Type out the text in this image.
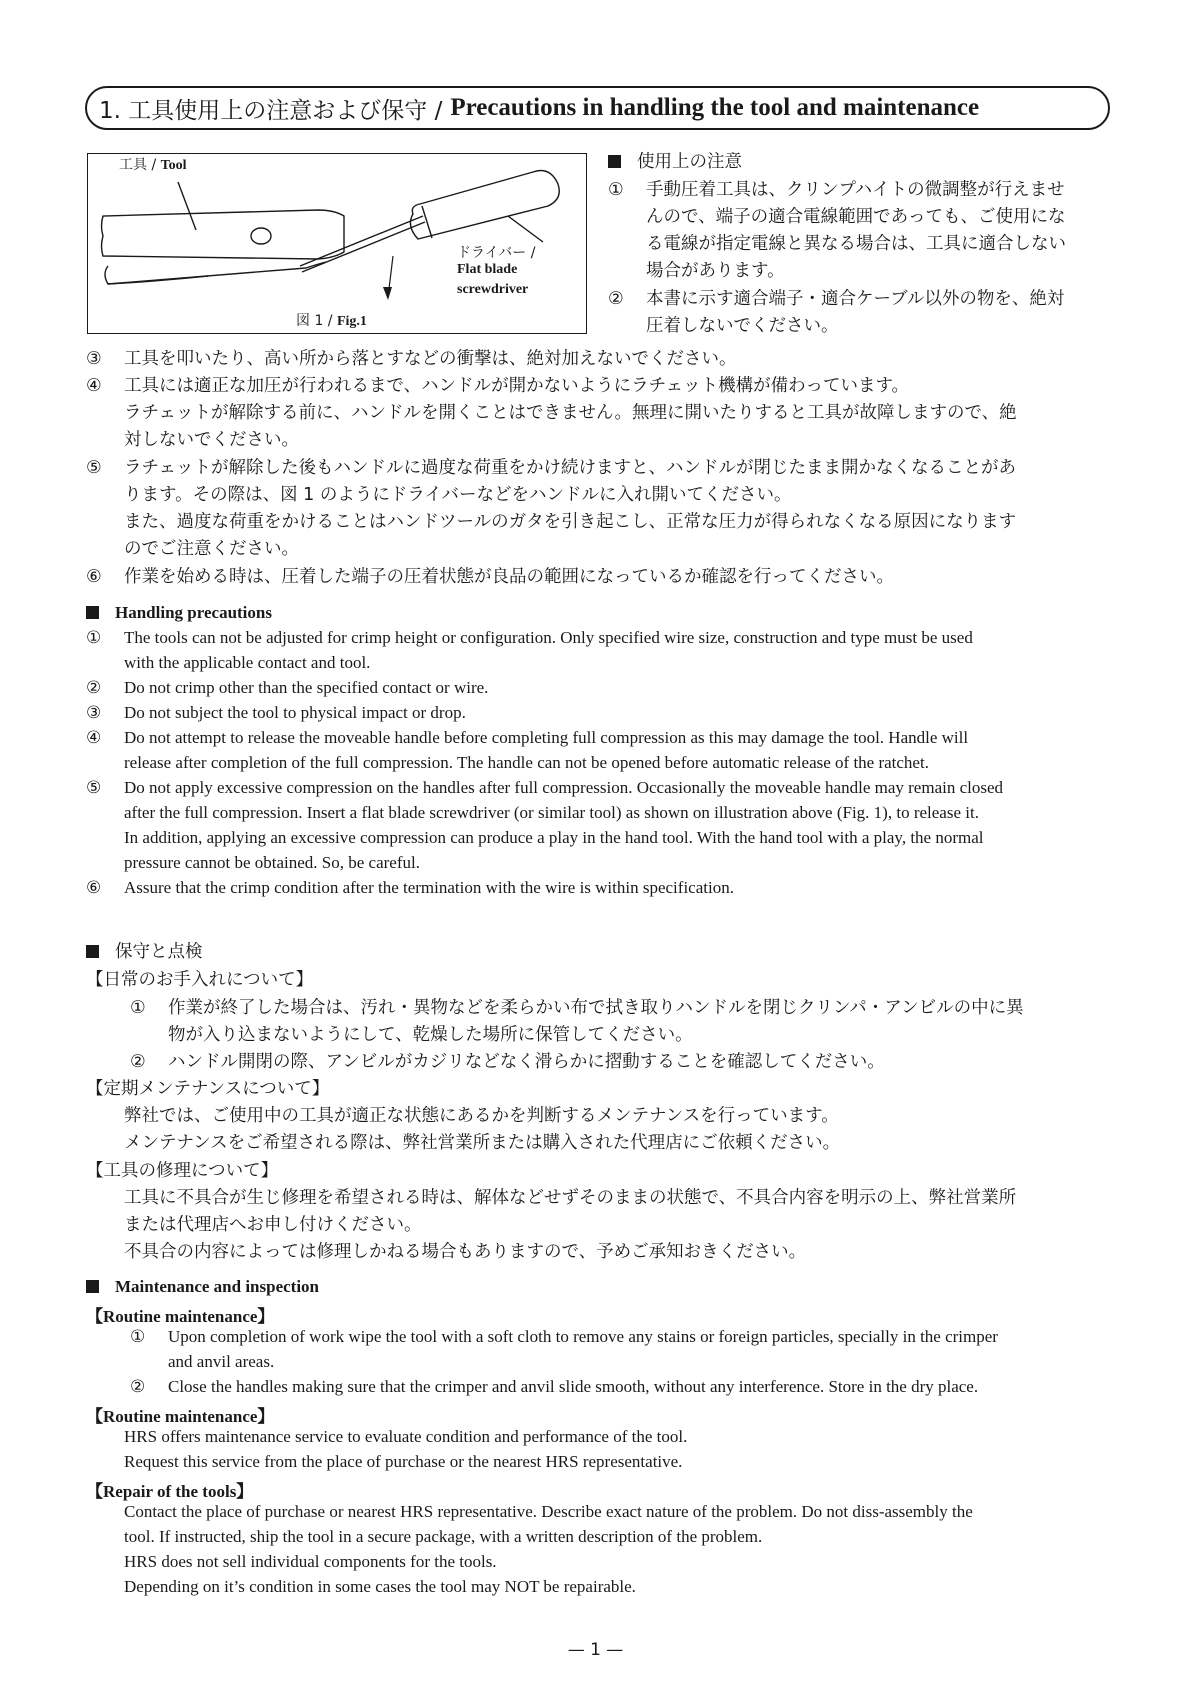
1. 工具使用上の注意および保守 / Precautions in handling the tool and maintenance
工具 / Tool
ドライバー /
Flat blade
screwdriver
図 1 / Fig.1
使用上の注意
① 手動圧着工具は、クリンプハイトの微調整が行えませ
んので、端子の適合電線範囲であっても、ご使用にな
る電線が指定電線と異なる場合は、工具に適合しない
場合があります。
② 本書に示す適合端子・適合ケーブル以外の物を、絶対
圧着しないでください。
③ 工具を叩いたり、高い所から落とすなどの衝撃は、絶対加えないでください。
④ 工具には適正な加圧が行われるまで、ハンドルが開かないようにラチェット機構が備わっています。
ラチェットが解除する前に、ハンドルを開くことはできません。無理に開いたりすると工具が故障しますので、絶
対しないでください。
⑤ ラチェットが解除した後もハンドルに過度な荷重をかけ続けますと、ハンドルが閉じたまま開かなくなることがあ
ります。その際は、図 1 のようにドライバーなどをハンドルに入れ開いてください。
また、過度な荷重をかけることはハンドツールのガタを引き起こし、正常な圧力が得られなくなる原因になります
のでご注意ください。
⑥ 作業を始める時は、圧着した端子の圧着状態が良品の範囲になっているか確認を行ってください。
Handling precautions
① The tools can not be adjusted for crimp height or configuration. Only specified wire size, construction and type must be used
with the applicable contact and tool.
② Do not crimp other than the specified contact or wire.
③ Do not subject the tool to physical impact or drop.
④ Do not attempt to release the moveable handle before completing full compression as this may damage the tool. Handle will
release after completion of the full compression. The handle can not be opened before automatic release of the ratchet.
⑤ Do not apply excessive compression on the handles after full compression. Occasionally the moveable handle may remain closed
after the full compression. Insert a flat blade screwdriver (or similar tool) as shown on illustration above (Fig. 1), to release it.
In addition, applying an excessive compression can produce a play in the hand tool. With the hand tool with a play, the normal
pressure cannot be obtained. So, be careful.
⑥ Assure that the crimp condition after the termination with the wire is within specification.
保守と点検
【日常のお手入れについて】
① 作業が終了した場合は、汚れ・異物などを柔らかい布で拭き取りハンドルを閉じクリンパ・アンビルの中に異
物が入り込まないようにして、乾燥した場所に保管してください。
② ハンドル開閉の際、アンビルがカジリなどなく滑らかに摺動することを確認してください。
【定期メンテナンスについて】
弊社では、ご使用中の工具が適正な状態にあるかを判断するメンテナンスを行っています。
メンテナンスをご希望される際は、弊社営業所または購入された代理店にご依頼ください。
【工具の修理について】
工具に不具合が生じ修理を希望される時は、解体などせずそのままの状態で、不具合内容を明示の上、弊社営業所
または代理店へお申し付けください。
不具合の内容によっては修理しかねる場合もありますので、予めご承知おきください。
Maintenance and inspection
【Routine maintenance】
① Upon completion of work wipe the tool with a soft cloth to remove any stains or foreign particles, specially in the crimper
and anvil areas.
② Close the handles making sure that the crimper and anvil slide smooth, without any interference. Store in the dry place.
【Routine maintenance】
HRS offers maintenance service to evaluate condition and performance of the tool.
Request this service from the place of purchase or the nearest HRS representative.
【Repair of the tools】
Contact the place of purchase or nearest HRS representative. Describe exact nature of the problem. Do not diss-assembly the
tool. If instructed, ship the tool in a secure package, with a written description of the problem.
HRS does not sell individual components for the tools.
Depending on it’s condition in some cases the tool may NOT be repairable.
— 1 —
